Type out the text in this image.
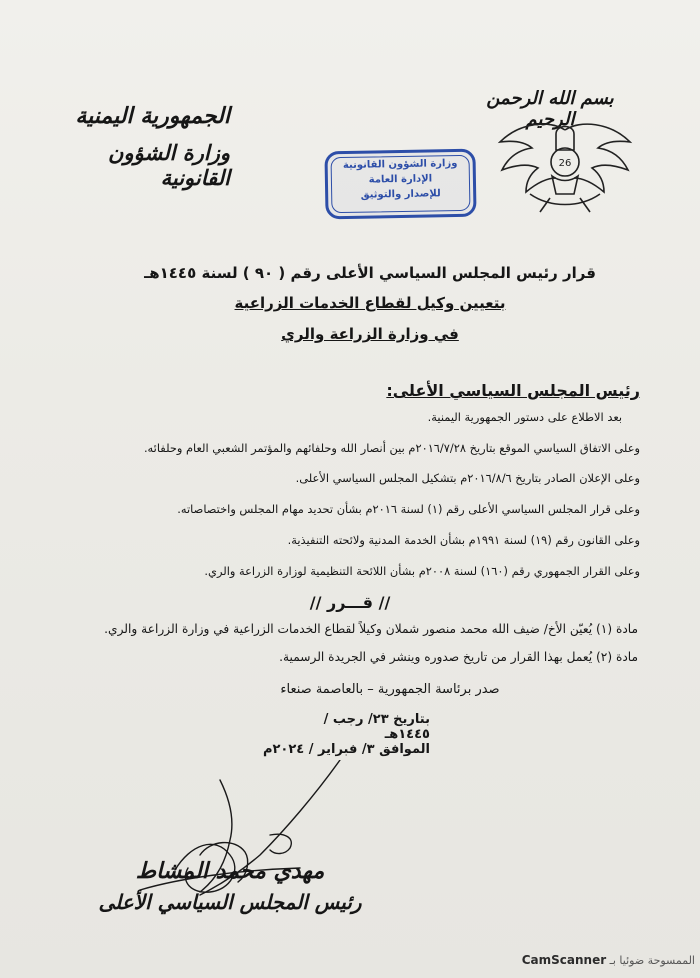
بسم الله الرحمن الرحيم
26
الجمهورية اليمنية
وزارة الشؤون القانونية
وزارة الشؤون القانونية
الإدارة العامة
للإصدار والتوثيق
قرار رئيس المجلس السياسي الأعلى رقم ( ٩٠ ) لسنة ١٤٤٥هـ
بتعيين وكيل لقطاع الخدمات الزراعية
في وزارة الزراعة والري
رئيس المجلس السياسي الأعلى:
بعد الاطلاع على دستور الجمهورية اليمنية.
وعلى الاتفاق السياسي الموقع بتاريخ ٢٠١٦/٧/٢٨م بين أنصار الله وحلفائهم والمؤتمر الشعبي العام وحلفائه.
وعلى الإعلان الصادر بتاريخ ٢٠١٦/٨/٦م بتشكيل المجلس السياسي الأعلى.
وعلى قرار المجلس السياسي الأعلى رقم (١) لسنة ٢٠١٦م بشأن تحديد مهام المجلس واختصاصاته.
وعلى القانون رقم (١٩) لسنة ١٩٩١م بشأن الخدمة المدنية ولائحته التنفيذية.
وعلى القرار الجمهوري رقم (١٦٠) لسنة ٢٠٠٨م بشأن اللائحة التنظيمية لوزارة الزراعة والري.
// قـــرر //
مادة (١) يُعيّن الأخ/ ضيف الله محمد منصور شملان وكيلاً لقطاع الخدمات الزراعية في وزارة الزراعة والري.
مادة (٢) يُعمل بهذا القرار من تاريخ صدوره وينشر في الجريدة الرسمية.
صدر برئاسة الجمهورية – بالعاصمة صنعاء
بتاريخ ٢٣/ رجب / ١٤٤٥هـ
الموافق ٣/ فبراير / ٢٠٢٤م
مهدي محمد المشاط
رئيس المجلس السياسي الأعلى
CamScanner الممسوحة ضوئيا بـ
